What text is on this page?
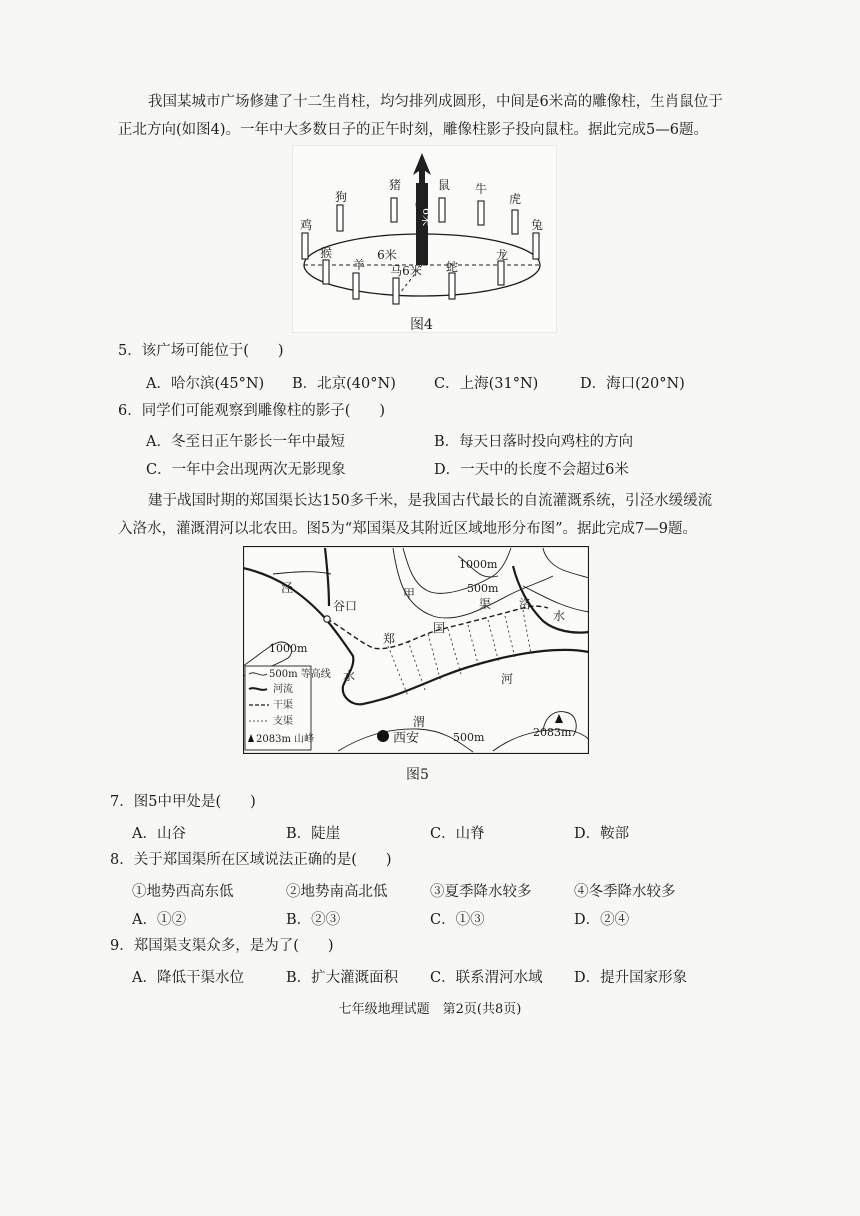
我国某城市广场修建了十二生肖柱，均匀排列成圆形，中间是6米高的雕像柱，生肖鼠位于
正北方向(如图4)。一年中大多数日子的正午时刻，雕像柱影子投向鼠柱。据此完成5—6题。
鸡
狗
猪	鼠 牛
虎
兔
龙
蛇
羊
猴	6米
马6米
6米
图4
5．该广场可能位于(　　)
A．哈尔滨(45°N) B．北京(40°N)	C．上海(31°N)	D．海口(20°N)
6．同学们可能观察到雕像柱的影子(　　)
A．冬至日正午影长一年中最短	B．每天日落时投向鸡柱的方向
C．一年中会出现两次无影现象	D．一天中的长度不会超过6米
建于战国时期的郑国渠长达150多千米，是我国古代最长的自流灌溉系统，引泾水缓缓流
入洛水，灌溉渭河以北农田。图5为“郑国渠及其附近区域地形分布图”。据此完成7—9题。
500m 等高线
河流
干渠
支渠
2083m 山峰
泾
谷口
甲
郑
国
渠 洛
水
水	河
渭
西安
1000m
500m
1000m
500m	2083m
图5
7．图5中甲处是(　　)
A．山谷	B．陡崖	C．山脊	D．鞍部
8．关于郑国渠所在区域说法正确的是(　　)
①地势西高东低	②地势南高北低	③夏季降水较多	④冬季降水较多
A．①②	B．②③	C．①③	D．②④
9．郑国渠支渠众多，是为了(　　)
A．降低干渠水位	B．扩大灌溉面积 C．联系渭河水域 D．提升国家形象
七年级地理试题　第2页(共8页)
